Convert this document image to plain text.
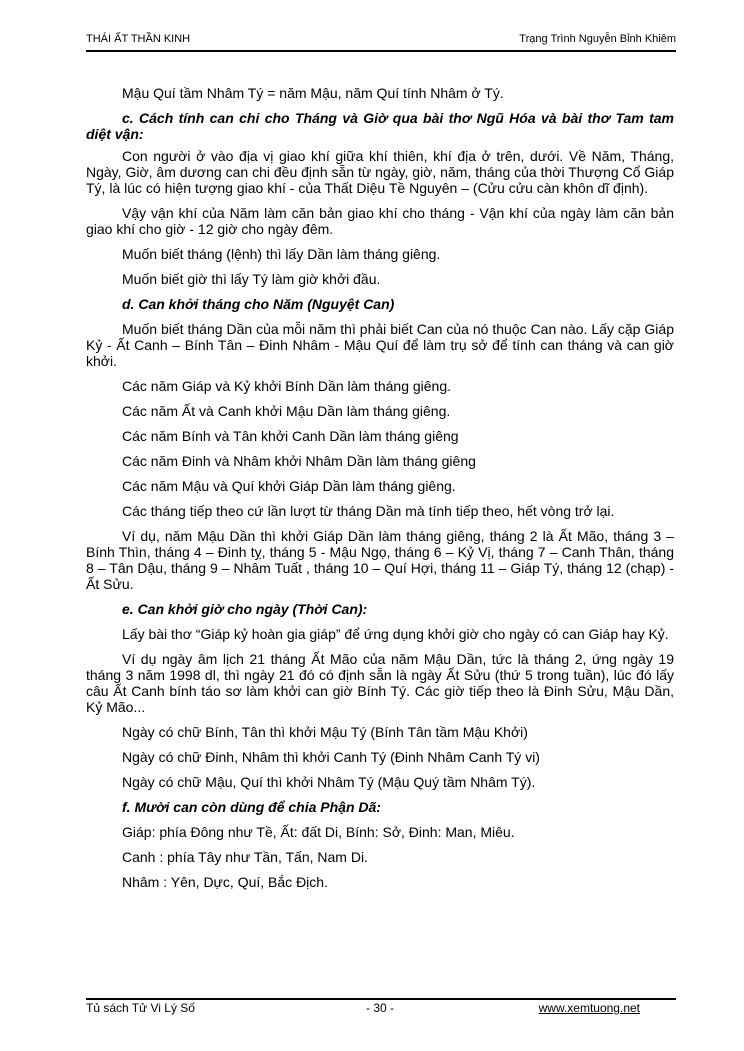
THÁI ẤT THẦN KINH	Trạng Trình Nguyễn Bỉnh Khiêm

Mậu Quí tầm Nhâm Tý = năm Mậu, năm Quí tính Nhâm ở Tý.

c. Cách tính can chi cho Tháng và Giờ qua bài thơ Ngũ Hóa và bài thơ Tam tam diệt vận:

Con người ở vào địa vị giao khí giữa khí thiên, khí địa ở trên, dưới. Về Năm, Tháng, Ngày, Giờ, âm dương can chi đều định sẵn từ ngày, giờ, năm, tháng của thời Thượng Cổ Giáp Tý, là lúc có hiện tượng giao khí - của Thất Diệu Tề Nguyên – (Cửu cửu càn khôn dĩ định).

Vậy vận khí của Năm làm căn bản giao khí cho tháng - Vận khí của ngày làm căn bản giao khí cho giờ - 12 giờ cho ngày đêm.

Muốn biết tháng (lệnh) thì lấy Dần làm tháng giêng.

Muốn biết giờ thì lấy Tý làm giờ khởi đầu.

d. Can khởi tháng cho Năm (Nguyệt Can)

Muốn biết tháng Dần của mỗi năm thì phải biết Can của nó thuộc Can nào. Lấy cặp Giáp Kỷ - Ất Canh – Bính Tân – Đinh Nhâm - Mậu Quí để làm trụ sở để tính can tháng và can giờ khởi.

Các năm Giáp và Kỷ khởi Bính Dần làm tháng giêng.

Các năm Ất và Canh khởi Mậu Dần làm tháng giêng.

Các năm Bính và Tân khởi Canh Dần làm tháng giêng

Các năm Đinh và Nhâm khởi Nhâm Dần làm tháng giêng

Các năm Mậu và Quí khởi Giáp Dần làm tháng giêng.

Các tháng tiếp theo cứ lần lượt từ tháng Dần mà tính tiếp theo, hết vòng trở lại.

Ví dụ, năm Mậu Dần thì khởi Giáp Dần làm tháng giêng, tháng 2 là Ất Mão, tháng 3 – Bính Thìn, tháng 4 – Đinh tỵ, tháng 5 - Mậu Ngọ, tháng 6 – Kỷ Vị, tháng 7 – Canh Thân, tháng 8 – Tân Dậu, tháng 9 – Nhâm Tuất , tháng 10 – Quí Hợi, tháng 11 – Giáp Tý, tháng 12 (chạp) - Ất Sửu.

e. Can khởi giờ cho ngày (Thời Can):

Lấy bài thơ “Giáp kỷ hoàn gia giáp” để ứng dụng khởi giờ cho ngày có can Giáp hay Kỷ.

Ví dụ ngày âm lịch 21 tháng Ất Mão của năm Mậu Dần, tức là tháng 2, ứng ngày 19 tháng 3 năm 1998 dl, thì ngày 21 đó có định sẵn là ngày Ất Sửu (thứ 5 trong tuần), lúc đó lấy câu Ất Canh bính táo sơ làm khởi can giờ Bính Tý. Các giờ tiếp theo là Đinh Sửu, Mậu Dần, Kỷ Mão...

Ngày có chữ Bính, Tân thì khởi Mậu Tý (Bính Tân tầm Mậu Khởi)

Ngày có chữ Đinh, Nhâm thì khởi Canh Tý (Đinh Nhâm Canh Tý vi)

Ngày có chữ Mậu, Quí thì khởi Nhâm Tý (Mậu Quý tầm Nhâm Tý).

f. Mười can còn dùng để chia Phận Dã:

Giáp: phía Đông như Tề, Ất: đất Di, Bính: Sở, Đinh: Man, Miêu.

Canh : phía Tây như Tần, Tấn, Nam Di.

Nhâm : Yên, Dực, Quí, Bắc Địch.

Tủ sách Tử Vi Lý Số	- 30 -	www.xemtuong.net
